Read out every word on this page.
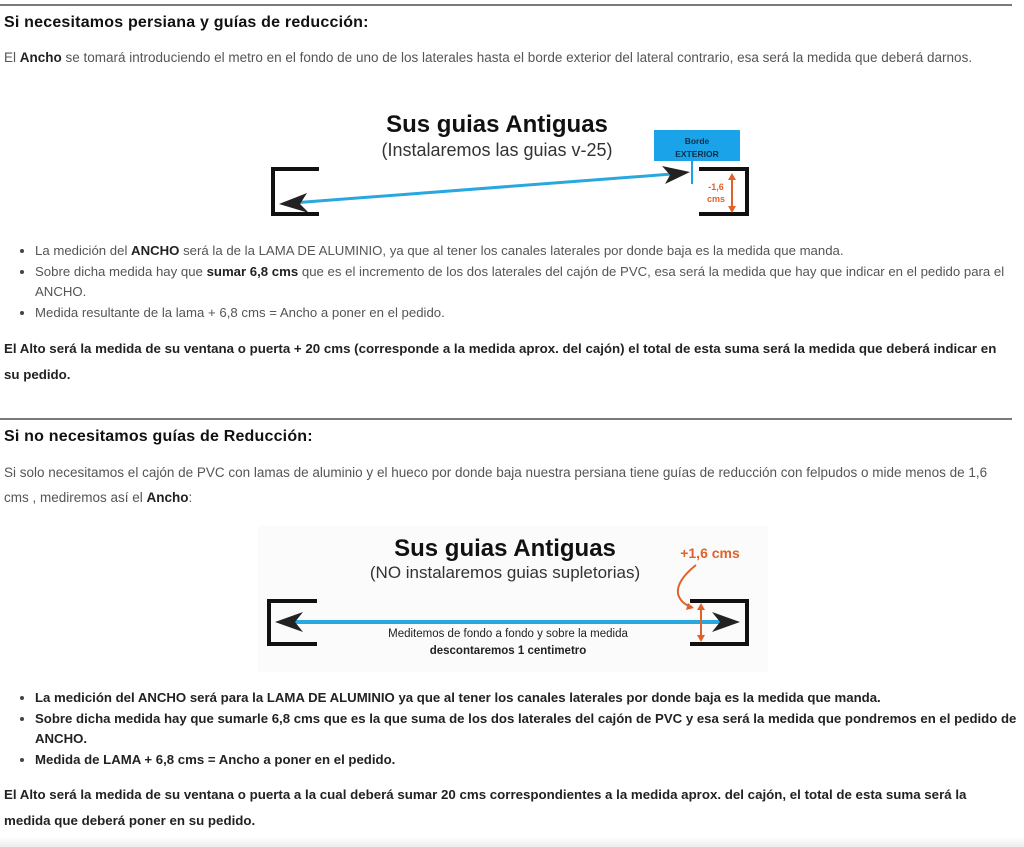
Si necesitamos persiana y guías de reducción:

El Ancho se tomará introduciendo el metro en el fondo de uno de los laterales hasta el borde exterior del lateral contrario, esa será la medida que deberá darnos.

Sus guias Antiguas
(Instalaremos las guias v-25)	Borde
EXTERIOR
-1,6
cms
• La medición del ANCHO será la de la LAMA DE ALUMINIO, ya que al tener los canales laterales por donde baja es la medida que manda.
• Sobre dicha medida hay que sumar 6,8 cms que es el incremento de los dos laterales del cajón de PVC, esa será la medida que hay que indicar en el pedido para el ANCHO.
• Medida resultante de la lama + 6,8 cms = Ancho a poner en el pedido.

El Alto será la medida de su ventana o puerta + 20 cms (corresponde a la medida aprox. del cajón) el total de esta suma será la medida que deberá indicar en su pedido.

Si no necesitamos guías de Reducción:

Si solo necesitamos el cajón de PVC con lamas de aluminio y el hueco por donde baja nuestra persiana tiene guías de reducción con felpudos o mide menos de 1,6 cms , mediremos así el Ancho:

Sus guias Antiguas
(NO instalaremos guias supletorias)
+1,6 cms
Meditemos de fondo a fondo y sobre la medida
descontaremos 1 centimetro
• La medición del ANCHO será para la LAMA DE ALUMINIO ya que al tener los canales laterales por donde baja es la medida que manda.
• Sobre dicha medida hay que sumarle 6,8 cms que es la que suma de los dos laterales del cajón de PVC y esa será la medida que pondremos en el pedido de ANCHO.
• Medida de LAMA + 6,8 cms = Ancho a poner en el pedido.

El Alto será la medida de su ventana o puerta a la cual deberá sumar 20 cms correspondientes a la medida aprox. del cajón, el total de esta suma será la medida que deberá poner en su pedido.
